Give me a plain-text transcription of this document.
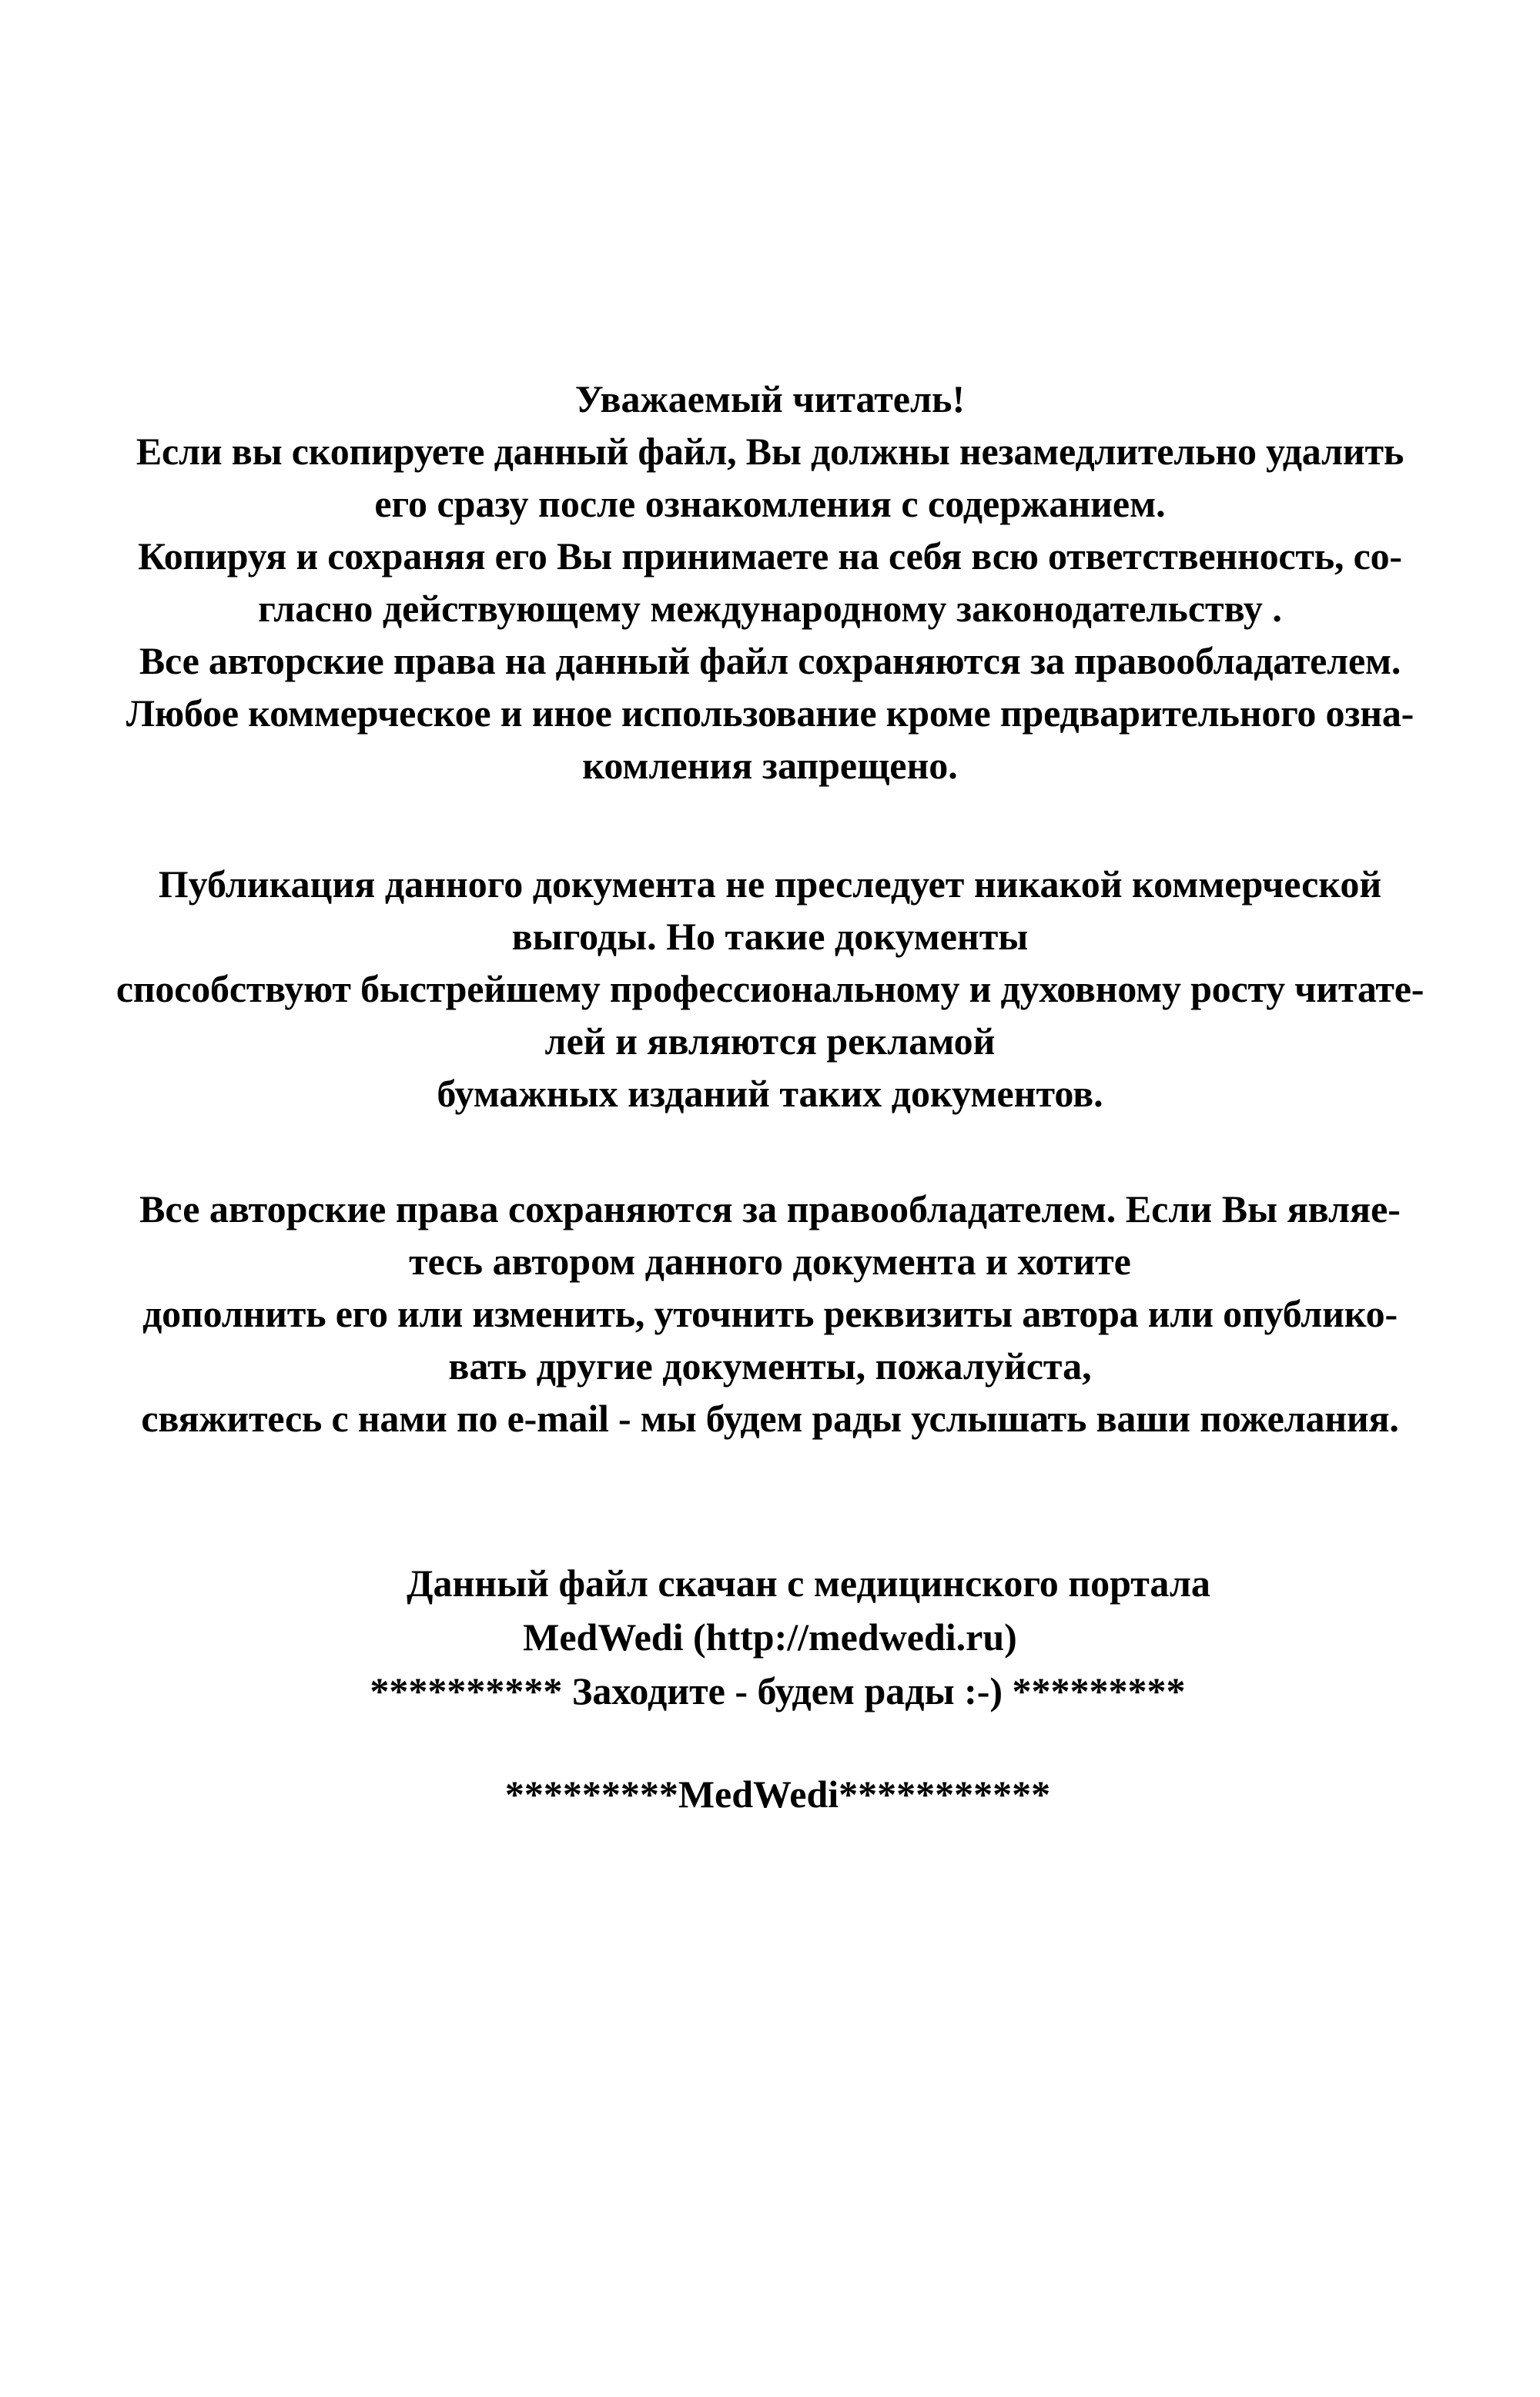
Уважаемый читатель!
Если вы скопируете данный файл, Вы должны незамедлительно удалить
его сразу после ознакомления с содержанием.
Копируя и сохраняя его Вы принимаете на себя всю ответственность, со-
гласно действующему международному законодательству .
Все авторские права на данный файл сохраняются за правообладателем.
Любое коммерческое и иное использование кроме предварительного озна-
комления запрещено.
Публикация данного документа не преследует никакой коммерческой
выгоды. Но такие документы
способствуют быстрейшему профессиональному и духовному росту читате-
лей и являются рекламой
бумажных изданий таких документов.
Все авторские права сохраняются за правообладателем. Если Вы являе-
тесь автором данного документа и хотите
дополнить его или изменить, уточнить реквизиты автора или опублико-
вать другие документы, пожалуйста,
свяжитесь с нами по e-mail - мы будем рады услышать ваши пожелания.
Данный файл скачан с медицинского портала
MedWedi (http://medwedi.ru)
********** Заходите - будем рады :-) *********
*********MedWedi***********
